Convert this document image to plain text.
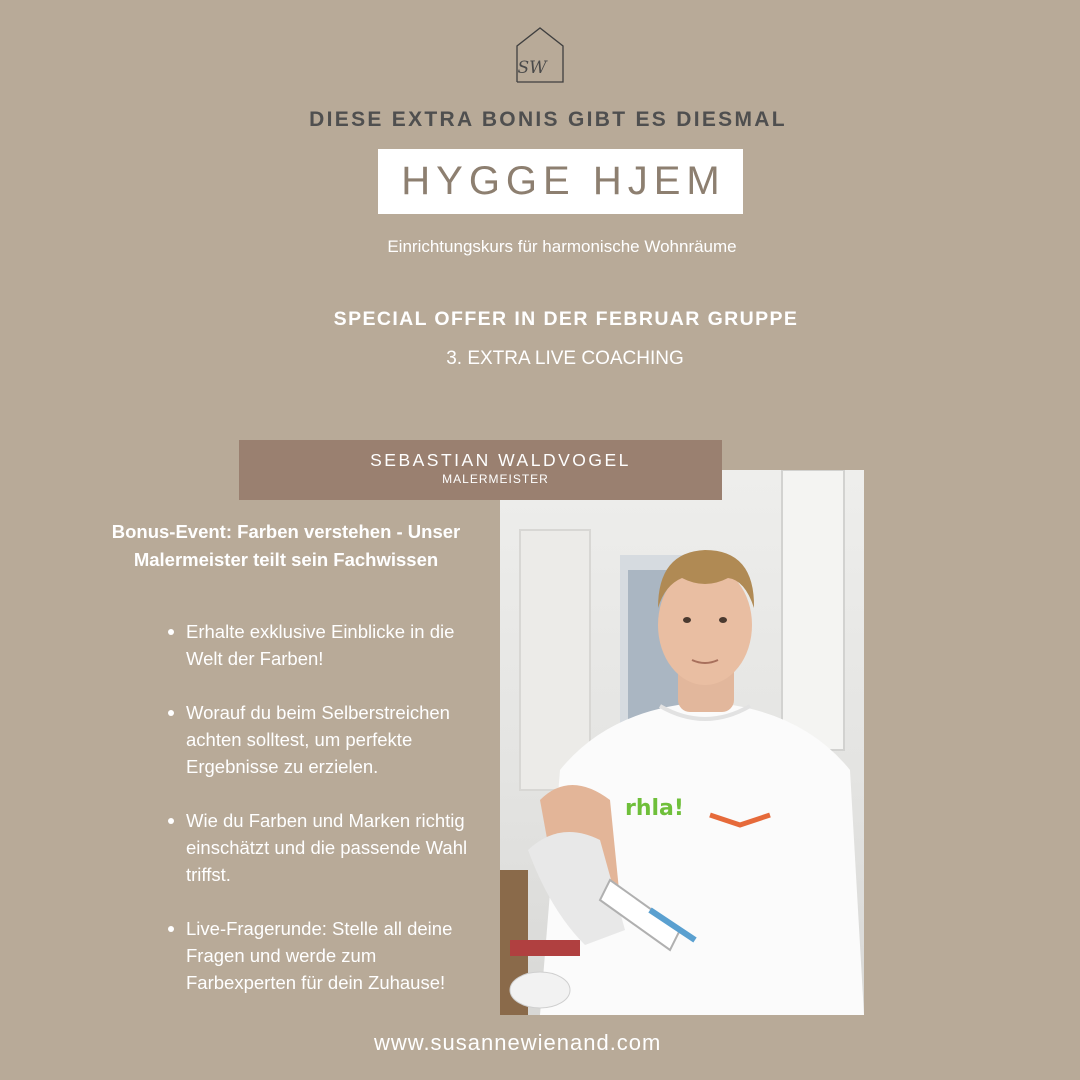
SW
DIESE EXTRA BONIS GIBT ES DIESMAL
HYGGE HJEM
Einrichtungskurs für harmonische Wohnräume
SPECIAL OFFER IN DER FEBRUAR GRUPPE
3. EXTRA LIVE COACHING
rhla!
SEBASTIAN WALDVOGEL
MALERMEISTER
Bonus-Event: Farben verstehen - Unser Malermeister teilt sein Fachwissen
Erhalte exklusive Einblicke in die Welt der Farben!
Worauf du beim Selberstreichen achten solltest, um perfekte Ergebnisse zu erzielen.
Wie du Farben und Marken richtig einschätzt und die passende Wahl triffst.
Live-Fragerunde: Stelle all deine Fragen und werde zum Farbexperten für dein Zuhause!
www.susannewienand.com
